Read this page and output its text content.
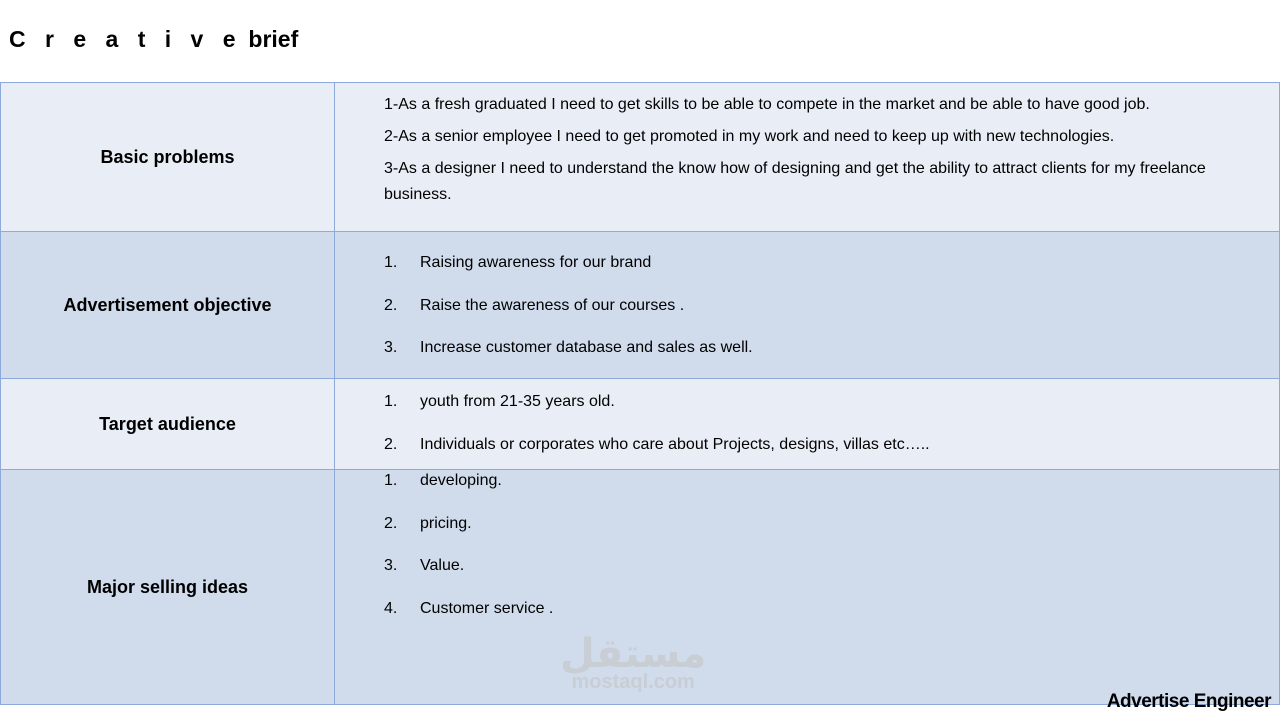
C r e a t i v e brief
Basic problems	1-As a fresh graduated I need to get skills to be able to compete in the market and be able to have good job.
2-As a senior employee I need to get promoted in my work and need to keep up with new technologies.
3-As a designer I need to understand the know how of designing and get the ability to attract clients for my freelance business.

Advertisement objective	1. Raising awareness for our brand
2. Raise the awareness of our courses .
3. Increase customer database and sales as well.

Target audience	1. youth from 21-35 years old.
2. Individuals or corporates who care about Projects, designs, villas etc…..

Major selling ideas	1. developing.
2. pricing.
3. Value.
4. Customer service .
مستقل
mostaql.com
Advertise Engineer
